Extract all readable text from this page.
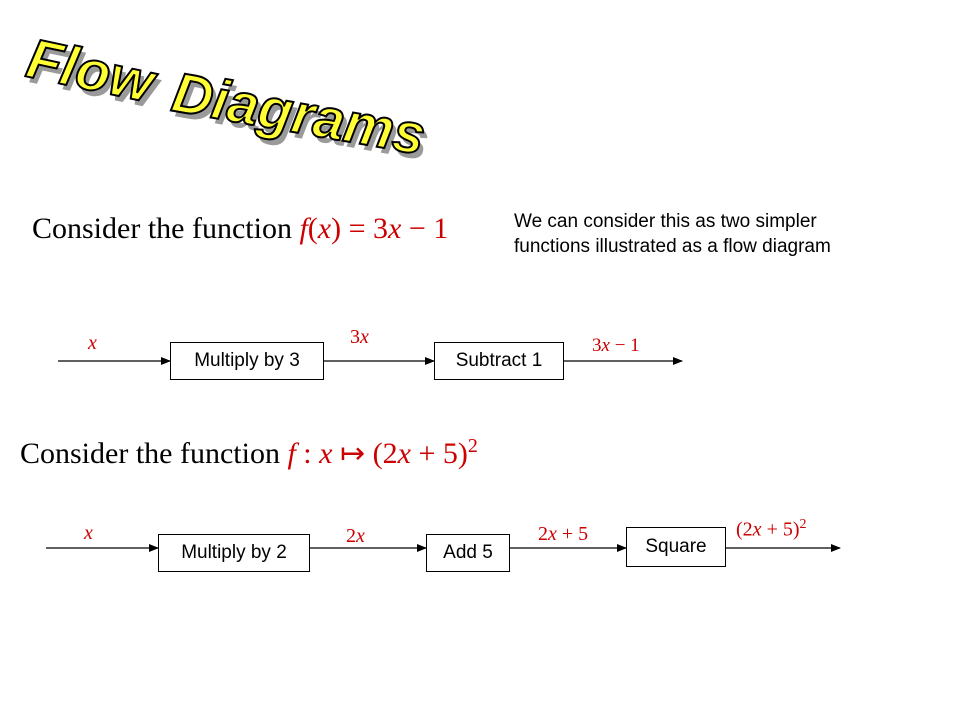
Flow Diagrams
Consider the function f(x) = 3x − 1	We can consider this as two simpler
functions illustrated as a flow diagram
x
Multiply by 3
3x
Subtract 1
3x − 1
Consider the function f : x ↦ $(2x + 5)^2$
x
Multiply by 2
2x
Add 5
2x + 5
Square
$(2x + 5)^2$
